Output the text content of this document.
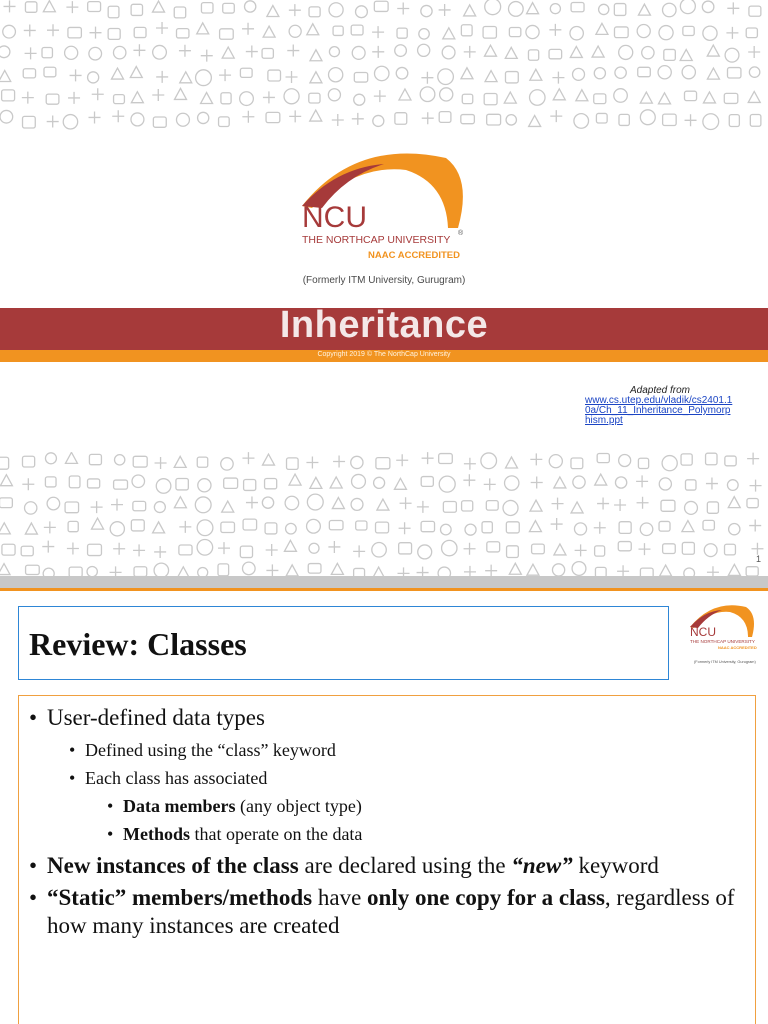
NCU
THE NORTHCAP UNIVERSITY
®
NAAC ACCREDITED
(Formerly ITM University, Gurugram)
Inheritance
Copyright 2019 © The NorthCap University
Adapted from
www.cs.utep.edu/vladik/cs2401.10a/Ch_11_Inheritance_Polymorphism.ppt
1
Review: Classes	NCU
THE NORTHCAP UNIVERSITY
NAAC ACCREDITED
(Formerly ITM University, Gurugram)
• User-defined data types
• Defined using the “class” keyword
• Each class has associated
• Data members (any object type)
• Methods that operate on the data
• New instances of the class are declared using the “new” keyword
• “Static” members/methods have only one copy for a class, regardless of how many instances are created
